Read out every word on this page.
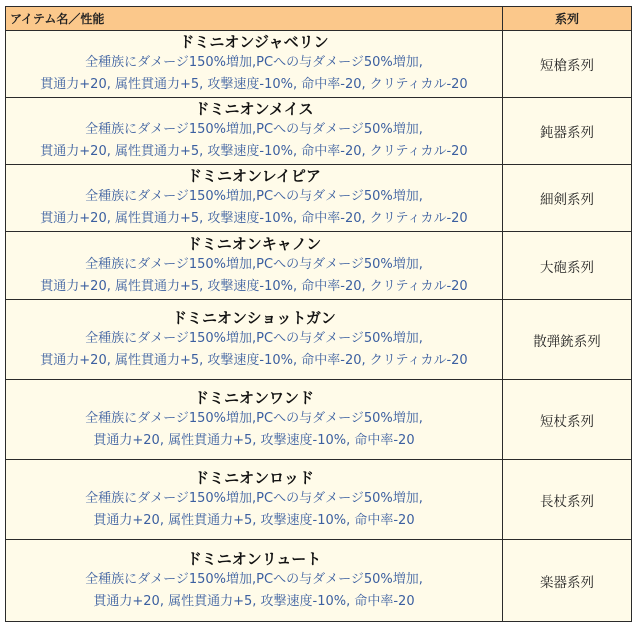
アイテム名／性能	系列

ドミニオンジャベリン
全種族にダメージ150%増加,PCへの与ダメージ50%増加,
貫通力+20, 属性貫通力+5, 攻撃速度-10%, 命中率-20, クリティカル-20	短槍系列

ドミニオンメイス
全種族にダメージ150%増加,PCへの与ダメージ50%増加,
貫通力+20, 属性貫通力+5, 攻撃速度-10%, 命中率-20, クリティカル-20	鈍器系列

ドミニオンレイピア
全種族にダメージ150%増加,PCへの与ダメージ50%増加,
貫通力+20, 属性貫通力+5, 攻撃速度-10%, 命中率-20, クリティカル-20	細剣系列

ドミニオンキャノン
全種族にダメージ150%増加,PCへの与ダメージ50%増加,
貫通力+20, 属性貫通力+5, 攻撃速度-10%, 命中率-20, クリティカル-20	大砲系列

ドミニオンショットガン
全種族にダメージ150%増加,PCへの与ダメージ50%増加,
貫通力+20, 属性貫通力+5, 攻撃速度-10%, 命中率-20, クリティカル-20	散弾銃系列

ドミニオンワンド
全種族にダメージ150%増加,PCへの与ダメージ50%増加,
貫通力+20, 属性貫通力+5, 攻撃速度-10%, 命中率-20	短杖系列

ドミニオンロッド
全種族にダメージ150%増加,PCへの与ダメージ50%増加,
貫通力+20, 属性貫通力+5, 攻撃速度-10%, 命中率-20	長杖系列

ドミニオンリュート
全種族にダメージ150%増加,PCへの与ダメージ50%増加,
貫通力+20, 属性貫通力+5, 攻撃速度-10%, 命中率-20	楽器系列
